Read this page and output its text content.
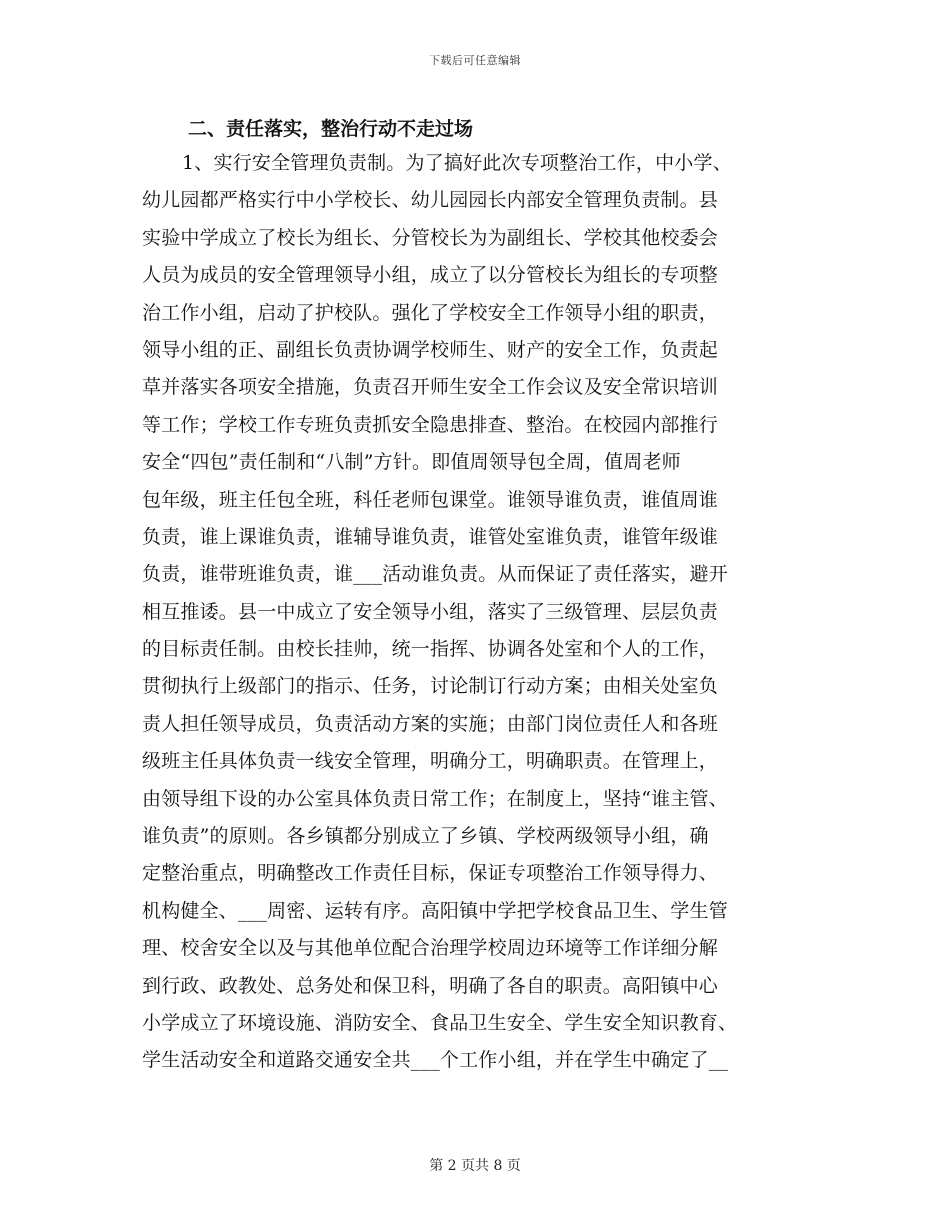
下载后可任意编辑
二、责任落实，整治行动不走过场
1、实行安全管理负责制。为了搞好此次专项整治工作，中小学、
幼儿园都严格实行中小学校长、幼儿园园长内部安全管理负责制。县
实验中学成立了校长为组长、分管校长为为副组长、学校其他校委会
人员为成员的安全管理领导小组，成立了以分管校长为组长的专项整
治工作小组，启动了护校队。强化了学校安全工作领导小组的职责，
领导小组的正、副组长负责协调学校师生、财产的安全工作，负责起
草并落实各项安全措施，负责召开师生安全工作会议及安全常识培训
等工作；学校工作专班负责抓安全隐患排查、整治。在校园内部推行
安全“四包”责任制和“八制”方针。即值周领导包全周，值周老师
包年级，班主任包全班，科任老师包课堂。谁领导谁负责，谁值周谁
负责，谁上课谁负责，谁辅导谁负责，谁管处室谁负责，谁管年级谁
负责，谁带班谁负责，谁___活动谁负责。从而保证了责任落实，避开
相互推诿。县一中成立了安全领导小组，落实了三级管理、层层负责
的目标责任制。由校长挂帅，统一指挥、协调各处室和个人的工作，
贯彻执行上级部门的指示、任务，讨论制订行动方案；由相关处室负
责人担任领导成员，负责活动方案的实施；由部门岗位责任人和各班
级班主任具体负责一线安全管理，明确分工，明确职责。在管理上，
由领导组下设的办公室具体负责日常工作；在制度上，坚持“谁主管、
谁负责”的原则。各乡镇都分别成立了乡镇、学校两级领导小组，确
定整治重点，明确整改工作责任目标，保证专项整治工作领导得力、
机构健全、___周密、运转有序。高阳镇中学把学校食品卫生、学生管
理、校舍安全以及与其他单位配合治理学校周边环境等工作详细分解
到行政、政教处、总务处和保卫科，明确了各自的职责。高阳镇中心
小学成立了环境设施、消防安全、食品卫生安全、学生安全知识教育、
学生活动安全和道路交通安全共___个工作小组，并在学生中确定了__
第 2 页共 8 页
